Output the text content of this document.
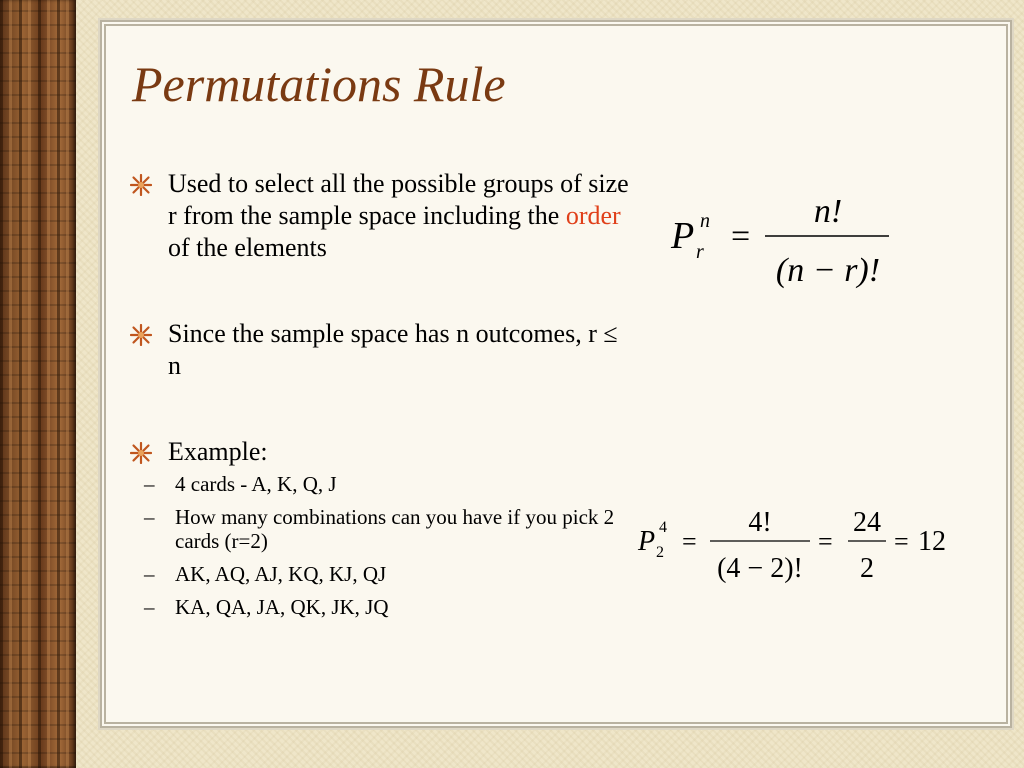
Permutations Rule
Used to select all the possible groups of size r from the sample space including the order of the elements
Since the sample space has n outcomes, r ≤ n
Example:
– 4 cards - A, K, Q, J
– How many combinations can you have if you pick 2 cards (r=2)
– AK, AQ, AJ, KQ, KJ, QJ
– KA, QA, JA, QK, JK, JQ
P n
r =
n!
(n − r)!
P 4
2 =
4!
(4 − 2)!
=
24
2
= 12
